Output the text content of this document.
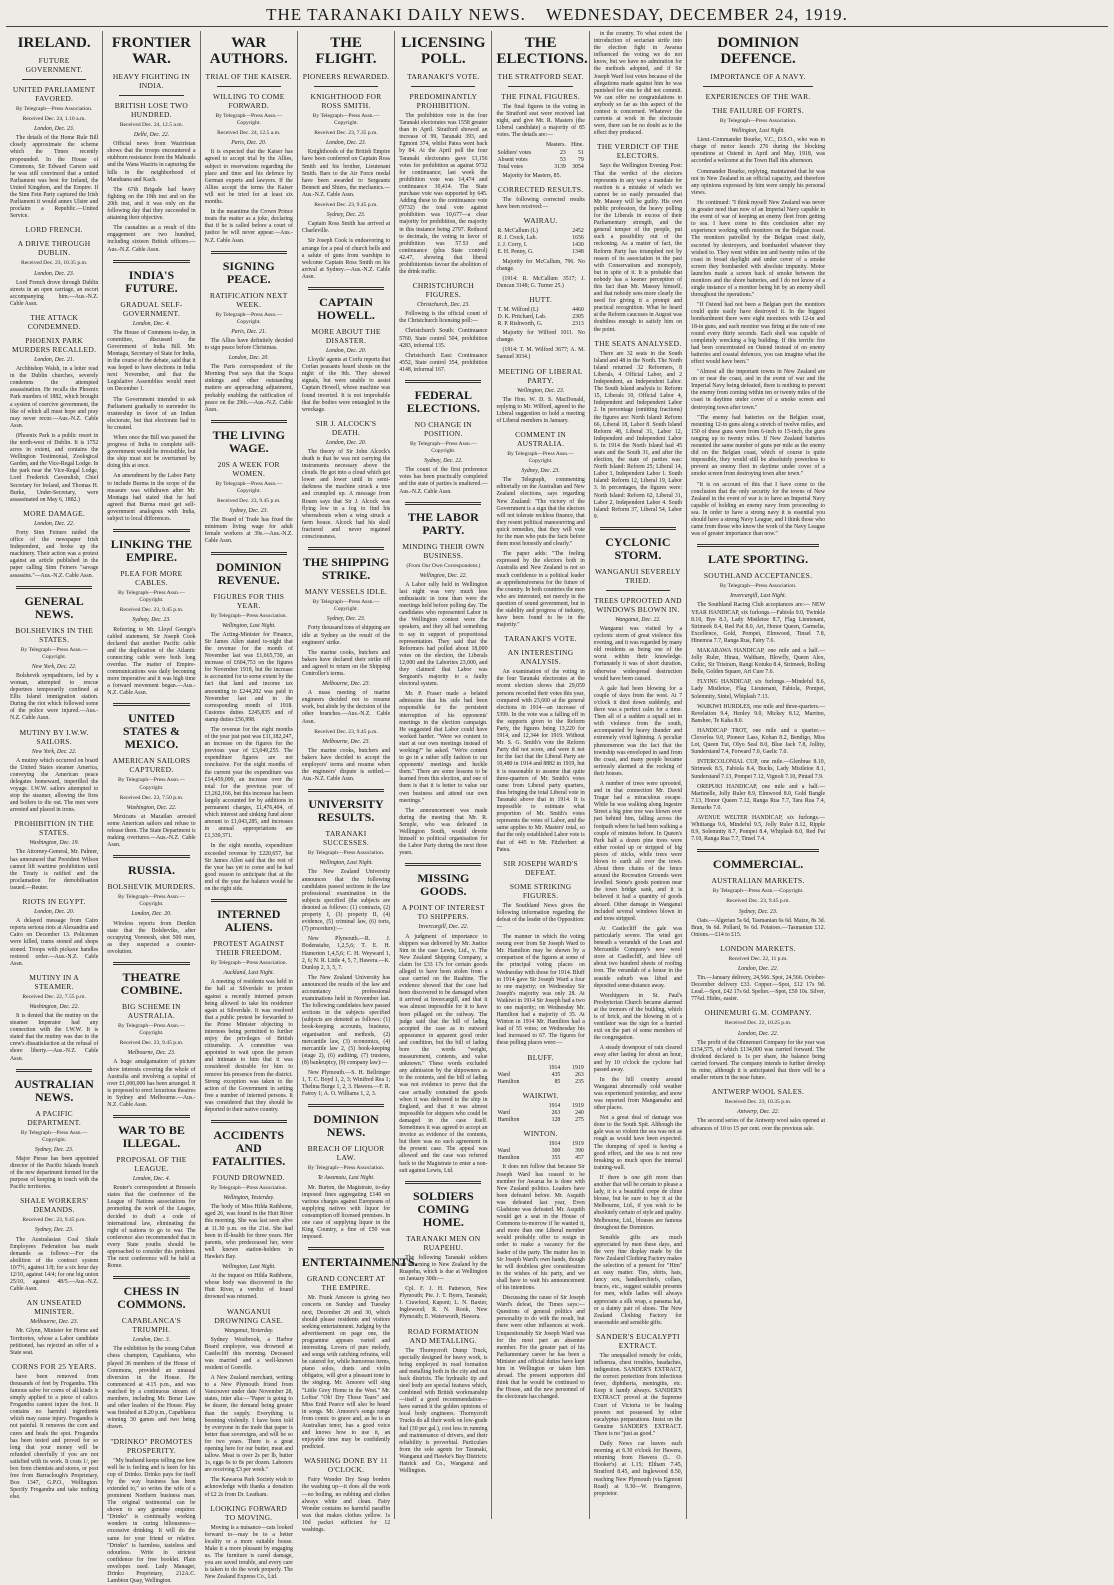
THE TARANAKI DAILY NEWS. WEDNESDAY, DECEMBER 24, 1919.
IRELAND.
FUTURE GOVERNMENT.
UNITED PARLIAMENT FAVORED.
By Telegraph—Press Association.
Received Dec. 24, 1.10 a.m.
London, Dec. 23.

The details of the Home Rule Bill closely approximate the scheme which the Times recently propounded. In the House of Commons, Sir Edward Carson said he was still convinced that a united Parliament was best for Ireland, the United Kingdom, and the Empire. If the Sinn Fein Party captured the Irish Parliament it would annex Ulster and proclaim a Republic.—United Service.

LORD FRENCH.
A DRIVE THROUGH DUBLIN.
Received Dec. 23, 10.35 p.m.
London, Dec. 23.

Lord French drove through Dublin streets in an open carriage, an escort accompanying him.—Aus.-N.Z. Cable Assn.

THE ATTACK CONDEMNED.
PHOENIX PARK MURDERS RECALLED.
London, Dec. 21.

Archbishop Walsh, in a letter read in the Dublin churches, severely condemns the attempted assassination. He recalls the Phoenix Park murders of 1882, which brought a system of coercive government, the like of which all must hope and pray may never recur.—Aus.-N.Z. Cable Assn.

(Phoenix Park is a public resort in the north-west of Dublin. It is 1752 acres in extent, and contains the Wellington Testimonial, Zoological Garden, and the Vice-Regal Lodge. In the park near the Vice-Regal Lodge, Lord Frederick Cavendish, Chief Secretary for Ireland, and Thomas H. Burke, Under-Secretary, were assassinated on May 6, 1882.)

MORE DAMAGE.
London, Dec. 22.

Forty Sinn Feiners raided the office of the newspaper Irish Independent, and broke up the machinery. Their action was a protest against an article published in the paper calling Sinn Feiners "savage assassins."—Aus.-N.Z. Cable Assn.

GENERAL NEWS.
BOLSHEVIKS IN THE STATES.
By Telegraph—Press Assn.—Copyright.
New York, Dec. 22.

Bolshevik sympathisers, led by a woman, attempted to rescue deportees temporarily confined at Ellis Island immigration station. During the riot which followed some of the police were injured.—Aus.-N.Z. Cable Assn.

MUTINY BY I.W.W. SAILORS.
New York, Dec. 22.

A mutiny which occurred on board the United States steamer America, conveying the American peace delegates homeward, imperilled the voyage. I.W.W. sailors attempted to stop the steamer, allowing the fires and boilers to die out. The men were arrested and placed in irons.

PROHIBITION IN THE STATES.
Washington, Dec. 19.

The Attorney-General, Mr. Palmer, has announced that President Wilson cannot lift wartime prohibition until the Treaty is ratified and the proclamation for demobilisation issued.—Reuter.

RIOTS IN EGYPT.
London, Dec. 20.

A delayed message from Cairo reports serious riots at Alexandria and Cairo on December 13. Policemen were killed, trams stoned and shops stoned. Troops with pickaxe handles restored order.—Aus.-N.Z. Cable Assn.

MUTINY IN A STEAMER.
Received Dec. 22, 7.55 p.m.
Washington, Dec. 22.

It is denied that the mutiny on the steamer Imperator had any connection with the I.W.W. It is stated that the mutiny was due to the crew's dissatisfaction at the refusal of shore liberty.—Aus.-N.Z. Cable Assn.

AUSTRALIAN NEWS.
A PACIFIC DEPARTMENT.
By Telegraph—Press Assn.—Copyright.
Sydney, Dec. 23.

Major Piesse has been appointed director of the Pacific Islands branch of the new department formed for the purpose of keeping in touch with the Pacific territories.

SHALE WORKERS' DEMANDS.
Received Dec. 23, 9.45 p.m.
Sydney, Dec. 23.

The Australasian Coal Shale Employees Federation has made demands as follows:—For the abolition of the contract system 10/7½, against 1/8; for a six hour day 12/10, against 14/4; for one big union 25/10, against 48/5.—Aus.-N.Z. Cable Assn.

AN UNSEATED MINISTER.
Melbourne, Dec. 23.

Mr. Glynn, Minister for Home and Territories, whose a Labor candidate petitioned, has rejected an offer of a State seat.

CORNS FOR 25 YEARS.

have been removed from thousands of feet by Frogandra. This famous salve for corns of all kinds is simply applied to a piece of calico. Frogandra cannot injure the foot. It contains no harmful ingredients which may cause injury. Frogandra is not painful. It removes the corn and cures and heals the spot. Frogandra has been tested and proved for so long that your money will be refunded cheerfully if you are not satisfied with its work. It costs 1/, per box from chemists and stores, or post free from Barraclough's Proprietary, Box 1347, G.P.O., Wellington. Specify Frogandra and take nothing else.

FRONTIER WAR.
HEAVY FIGHTING IN INDIA.
BRITISH LOSE TWO HUNDRED.
Received Dec. 24, 12.5 a.m.
Delhi, Dec. 22.

Official news from Waziristan shows that the troops encountered a stubborn resistance from the Mahsuds and the Wana Waziris in capturing the hills in the neighborhood of Manduana and Kach.

The 67th Brigade had heavy fighting on the 19th inst and on the 20th inst, and it was only on the following day that they succeeded in attaining their objective.

The casualties as a result of this engagement are two hundred, including sixteen British officers.—Aus.-N.Z. Cable Assn.

INDIA'S FUTURE.
GRADUAL SELF-GOVERNMENT.
London, Dec. 4.

The House of Commons to-day, in committee, discussed the Government of India Bill. Mr. Montagu, Secretary of State for India, in the course of the debate, said that it was hoped to have elections in India next November, and that the Legislative Assemblies would meet on December 1.

The Government intended to ask Parliament gradually to surrender its trusteeship in favor of an Indian electorate, but that electorate had to be created.

When once the Bill was passed the progress of India to complete self-government would be irresistible, but the ship must not be overturned by doing this at once.

An amendment by the Labor Party to include Burma in the scope of the measure was withdrawn after Mr. Montagu had stated that he had agreed that Burma must get self-government analogous with India, subject to local differences.

LINKING THE EMPIRE.
PLEA FOR MORE CABLES.
By Telegraph—Press Assn.—Copyright.
Received Dec. 23, 9.45 p.m.
Sydney, Dec. 23.

Referring to Mr. Lloyd George's cabled statement, Sir Joseph Cook declared that another Pacific cable and the duplication of the Atlantic connecting cable were both long overdue. The matter of Empire-communications was daily becoming more imperative and it was high time a forward movement began.—Aus.-N.Z. Cable Assn.

UNITED STATES & MEXICO.
AMERICAN SAILORS CAPTURED.
By Telegraph—Press Assn.—Copyright.
Received Dec. 23, 7.50 p.m.
Washington, Dec. 22.

Mexicans at Mazatlan arrested some American sailors and refuse to release them. The State Department is making overtures.—Aus.-N.Z. Cable Assn.

RUSSIA.
BOLSHEVIK MURDERS.
By Telegraph—Press Assn.—Copyright.
London, Dec. 20.

Wireless reports from Denikin state that the Bolsheviks, after occupying Voronesh, shot 500 men, as they suspected a counter-revolution.

THEATRE COMBINE.
BIG SCHEME IN AUSTRALIA.
By Telegraph—Press Assn.—Copyright.
Received Dec. 23, 9.45 p.m.
Melbourne, Dec. 23.

A huge amalgamation of picture show interests covering the whole of Australia and involving a capital of over £1,000,000 has been arranged. It is proposed to erect luxurious theatres in Sydney and Melbourne.—Aus.-N.Z. Cable Assn.

WAR TO BE ILLEGAL.
PROPOSAL OF THE LEAGUE.
London, Dec. 4.

Reuter's correspondent at Brussels states that the conference of the League of Nations associations for promoting the work of the League, decided to draft a code of international law, eliminating the right of nations to go to war. The conference also recommended that in every State youths should be approached to consider this problem. The next conference will be held at Rome.

CHESS IN COMMONS.
CAPABLANCA'S TRIUMPH.
London, Dec. 3.

The exhibition by the young Cuban chess champion, Capablanca, who played 36 members of the House of Commons, provided an unusual diversion in the House. He commenced at 4.15 p.m., and was watched by a continuous stream of members, including Mr. Bonar Law and other leaders of the House. Play was finished at 8.20 p.m., Capablanca winning 30 games and two being drawn.

"DRINKO" PROMOTES PROSPERITY.

"My husband keeps telling me how well he is feeling and is keen for his cup of Drinko. Drinko pays for itself by the way business has been extended to," so writes the wife of a prominent Northern business man. The original testimonial can be shown to any genuine enquirer. "Drinko" is continually working wonders in curing biliousness—excessive drinking. It will do the same for your friend or relative. "Drinko" is harmless, tasteless and odourless. Write in strictest confidence for free booklet. Plain envelopes used. Lady Manager, Drinko Proprietary, 212A.C. Lambton Quay, Wellington.

WAR AUTHORS.
TRIAL OF THE KAISER.
WILLING TO COME FORWARD.
By Telegraph—Press Assn.—Copyright.
Received Dec. 24, 12.5 a.m.
Paris, Dec. 20.

It is expected that the Kaiser has agreed to accept trial by the Allies, subject to reservations regarding the place and time and his defence by German experts and lawyers. If the Allies accept the terms the Kaiser will not be tried for at least six months.

In the meantime the Crown Prince treats the matter as a joke, declaring that if he is called before a court of justice he will never appear.—Aus.-N.Z. Cable Assn.

SIGNING PEACE.
RATIFICATION NEXT WEEK.
By Telegraph—Press Assn.—Copyright.
Paris, Dec. 21.

The Allies have definitely decided to sign peace before Christmas.

London, Dec. 20.

The Paris correspondent of the Morning Post says that the Scapa sinkings and other outstanding matters are approaching adjustment, probably enabling the ratification of peace on the 29th.—Aus.-N.Z. Cable Assn.

THE LIVING WAGE.
20S A WEEK FOR WOMEN.
By Telegraph—Press Assn.—Copyright.
Received Dec. 23, 9.45 p.m.
Sydney, Dec. 23.

The Board of Trade has fixed the minimum living wage for adult female workers at 39s.—Aus.-N.Z. Cable Assn.

DOMINION REVENUE.
FIGURES FOR THIS YEAR.
By Telegraph—Press Association.
Wellington, Last Night.

The Acting-Minister for Finance, Sir James Allen stated to-night that the revenue for the month of November last was £1,665,730, an increase of £604,753 on the figures for November 1918, but the increase is accounted for to some extent by the fact that land and income tax amounting to £244,202 was paid in November last and in the corresponding month of 1918. Customs duties £245,835 and of stamp duties £56,998.

The revenue for the eight months of the year just past was £11,182,247, an increase on the figures for the previous year of £3,049,255. The expenditure figures are not conclusive. For the eight months of the current year the expenditure was £14,459,099, an increase over the total for the previous year of £3,262,166, but this increase has been largely accounted for by additions in permanent charges, £1,476,404, of which interest and sinking fund alone amount to £1,043,285, and increases in annual appropriations are £1,339,371.

In the eight months, expenditure exceeded revenue by £220,657, but Sir James Allen said that the rest of the year has yet to come and he had good reason to anticipate that at the end of the year the balance would be on the right side.

INTERNED ALIENS.
PROTEST AGAINST THEIR FREEDOM.
By Telegraph—Press Association.
Auckland, Last Night.

A meeting of residents was held in the hall at Silverdale to protest against a recently interned person being allowed to take his residence again at Silverdale. It was resolved that a public protest be forwarded to the Prime Minister objecting to internees being permitted to further enjoy the privileges of British citizenship. A committee was appointed to wait upon the person and intimate to him that it was considered desirable for him to remove his presence from the district. Strong exception was taken to the action of the Government in setting free a number of interned persons. It was considered that they should be deported to their native country.

ACCIDENTS AND FATALITIES.
FOUND DROWNED.
By Telegraph—Press Association.
Wellington, Yesterday.

The body of Miss Hilda Rathbone, aged 26, was found in the Hutt River this morning. She was last seen alive at 11.30 p.m. on the 21st. She had been in ill-health for three years. Her parents, who predeceased her, were well known station-holders in Hawke's Bay.

Wellington, Last Night.

At the inquest on Hilda Rathbone, whose body was discovered in the Hutt River, a verdict of found drowned was returned.

WANGANUI DROWNING CASE.
Wanganui, Yesterday.

Sydney Westbrook, a Harbor Board employee, was drowned at Castlecliff this morning. Deceased was married and a well-known resident of Gonville.

A New Zealand merchant, writing to a New Plymouth friend from Vancouver under date November 28, states, inter alia:—"Paper is going to be dearer, the demand being greater than the supply. Everything is booming violently. I have been told by everyone in the trade that paper is better than sovereigns, and will be so for two years. There is a great opening here for our butter, meat and tallow. Meat is over 2s per lb, butter 1s, eggs 6s to 8s per dozen. Laborers are receiving £3 per week."

The Kawaroa Park Society wish to acknowledge with thanks a donation of £2 2s from Dr. Leatham.

LOOKING FORWARD TO MOVING.

Moving is a nuisance—cats looked forward to—may be to a better locality or a more suitable house. Make it a more pleasant by engaging us. The furniture is cared damage, you are saved trouble, and every care is taken to do the work properly. The New Zealand Express Co., Ltd.

THE FLIGHT.
PIONEERS REWARDED.
KNIGHTHOOD FOR ROSS SMITH.
By Telegraph—Press Assn.—Copyright.
Received Dec. 23, 7.35 p.m.
London, Dec. 23.

Knighthoods of the British Empire have been conferred on Captain Ross Smith and his brother, Lieutenant Smith. Bars to the Air Force medal have been awarded to Sergeants Bennett and Shiers, the mechanics.—Aus.-N.Z. Cable Assn.

Received Dec. 23, 9.45 p.m.
Sydney, Dec. 23.

Captain Ross Smith has arrived at Charleville.

Sir Joseph Cook is endeavoring to arrange for a peal of church bells and a salute of guns from warships to welcome Captain Ross Smith on his arrival at Sydney.—Aus.-N.Z. Cable Assn.

CAPTAIN HOWELL.
MORE ABOUT THE DISASTER.
London, Dec. 20.

Lloyds' agents at Corfu reports that Corfan peasants heard shouts on the night of the 9th. They showed signals, but were unable to assist Captain Howell, whose machine was found inverted. It is not improbable that the bodies were entangled in the wreckage.

SIR J. ALCOCK'S DEATH.
London, Dec. 20.

The theory of Sir John Alcock's death is that he was not carrying the instruments necessary above the clouds. He got into a cloud which got lower and lower until in semi-darkness the machine struck a tree and crumpled up. A message from Rouen says that Sir J. Alcock was flying low in a fog to find his whereabouts when a wing struck a farm house. Alcock had his skull fractured and never regained consciousness.

THE SHIPPING STRIKE.
MANY VESSELS IDLE.
By Telegraph—Press Assn.—Copyright.
Sydney, Dec. 23.

Forty thousand tons of shipping are idle at Sydney as the result of the engineers' strike.

The marine cooks, butchers and bakers have declared their strike off and agreed to return on the Shipping Controller's terms.

Melbourne, Dec. 23.

A mass meeting of marine engineers decided not to resume work, but abide by the decision of the other branches.—Aus.-N.Z. Cable Assn.

Received Dec. 23, 9.45 p.m.
Melbourne, Dec. 23.

The marine cooks, butchers and bakers have decided to accept the employers' terms and resume when the engineers' dispute is settled.—Aus.-N.Z. Cable Assn.

UNIVERSITY RESULTS.
TARANAKI SUCCESSES.
By Telegraph—Press Association.
Wellington, Last Night.

The New Zealand University announces that the following candidates passed sections in the law professional examination in the subjects specified (the subjects are denoted as follows: (1) contracts, (2) property I, (3) property II, (4) evidence, (5) criminal law, (6) torts, (7) procedure):—

New Plymouth.—R. J. Bodenstabe, 1,2,5,6; T. E. H. Hamerton 1,4,5,6; C. H. Weyward 1, 2, 6; N. R. Little 4, 5, 7, Hawera.—K. Dunlop 2, 3, 5, 7.

The New Zealand University has announced the results of the law and accountancy professional examinations held in November last. The following candidates have passed sections in the subjects specified (subjects are denoted as follows: (1) book-keeping accounts, business, organisation and methods, (2) mercantile law, (3) economics, (4) mercantile law 2, (5) book-keeping (stage 2), (6) auditing, (7) trustees, (8) bankruptcy, (9) company law):—

New Plymouth.—S. H. Bellringer 1, T. C. Boyd 1, 2, 3; Winifred Rea 1; Thelma Burge 1, 2, 3. Hawera.—F. R. Fairey 1; A. O. Williams 1, 2, 3.

DOMINION NEWS.
BREACH OF LIQUOR LAW.
By Telegraph—Press Association.
Te Awamutu, Last Night.

Mr. Burton, the Magistrate, to-day imposed fines aggregating £140 on various charges against Europeans of supplying natives with liquor for consumption off licensed premises. In one case of supplying liquor in the King Country, a fine of £50 was imposed.

ENTERTAINMENTS.
GRAND CONCERT AT THE EMPIRE.

Mr. Frank Amoore is giving two concerts on Sunday and Tuesday next, December 28 and 30, which should please residents and visitors seeking entertainment. Judging by the advertisement on page one, the programme appears varied and interesting. Lovers of pure melody, and songs with catching refrains, will be catered for, while humorous items, piano solos, duets and violin obligatos, will give a pleasant tone to the singing. Mr. Amoore will sing "Little Grey Home in the West." Mr. Loftus' "Oh! Dry Those Tears" and Miss Enid Pearce will also be heard in songs. Mr. Amoore's songs range from comic to grave and, as he is an Australian tenor, has a good voice and knows how to use it, an enjoyable time may be confidently predicted.

WASHING DONE BY 11 O'CLOCK.

Fairy Wonder Dry Soap borders the washing up—it does all the work—no boiling, no rubbing and clothes always white and clean. Fairy Wonder contains no harmful paraffin wax that makes clothes yellow. 1s 10d packet sufficient for 12 washings.

LICENSING POLL.
TARANAKI'S VOTE.
PREDOMINANTLY PROHIBITION.

The prohibition vote in the four Taranaki electorates was 1558 greater than in April. Stratford showed an increase of 99, Taranaki 393, and Egmont 374, whilst Patea went back by 84. At the April poll the four Taranaki electorates gave 13,156 votes for prohibition as against 9732 for continuance; last week the prohibition vote was 14,474 and continuance 10,414. The State purchase vote was supported by 645. Adding these to the continuance vote (9732) the total vote against prohibition was 10,677—a clear majority for prohibition, the majority in this instance being 2797. Reduced to decimals, the voting in favor of prohibition was 57.53 and continuance (plus State control) 42.47, showing that liberal prohibitionists favour the abolition of the drink traffic.

CHRISTCHURCH FIGURES.
Christchurch, Dec. 23.

Following is the official count of the Christchurch licensing poll:—

Christchurch South: Continuance 5760, State control 504, prohibition 4283, informal 135.

Christchurch East: Continuance 4552, State control 354, prohibition 4148, informal 167.

FEDERAL ELECTIONS.
NO CHANGE IN POSITION.
By Telegraph—Press Assn.—Copyright.
Sydney, Dec. 22.

The count of the first preference votes has been practically completed and the state of parties is unaltered.—Aus.-N.Z. Cable Assn.

THE LABOR PARTY.
MINDING THEIR OWN BUSINESS.
(From Our Own Correspondent.)
Wellington, Dec. 22.

A Labor rally held in Wellington last night was very much less enthusiastic in tone than were the meetings held before polling day. The candidates who represented Labor in the Wellington contest were the speakers, and they all had something to say in support of proportional representation. They said that the Reformers had polled about 18,000 votes on the election, the Liberals 12,000 and the Laborites 23,000, and they claimed that Labor was Sergeant's majority to a faulty electoral system.

Mr. P. Fraser made a belated admission that his side had been responsible for the persistent interruption of his opponents' meetings in the election campaign. He suggested that Labor could have worked harder. "Were we content to start at our own meetings instead of working?" he asked. "We're content to go in a rather silly fashion to our opponents' meetings and heckle them." There are some lessons to be learned from this election, and one of them is that it is better to value our own business and attend our own meetings."

The announcement was made during the meeting that Mr. R. Semple, who was defeated in Wellington South, would devote himself to political organisation for the Labor Party during the next three years.

MISSING GOODS.
A POINT OF INTEREST TO SHIPPERS.
Invercargill, Dec. 22.

A judgment of importance to shippers was delivered by Mr. Justice Sim in the case Lewis, Ltd., v. The New Zealand Shipping Company, a claim for £33 17s for certain goods alleged to have been stolen from a case carried on the Ruahine. The evidence showed that the case had been discovered to be damaged when it arrived at Invercargill, and that it was almost impossible for it to have been pillaged on the railway. The judge said that the bill of lading accepted the case as in outward appearance in apparent good order and condition, but the bill of lading bore the words "weight, measurement, contents, and value unknown." These words excluded any admission by the shipowners as to the contents, and the bill of lading was not evidence to prove that the case actually contained the goods when it was delivered to the ship in England, and that it was almost impossible for shippers who could be damaged in the case itself. Sometimes it was agreed to accept an invoice as evidence of the contents, but there was no such agreement in the present case. The appeal was allowed and the case was referred back to the Magistrate to enter a non-suit against Lewis, Ltd.

SOLDIERS COMING HOME.
TARANAKI MEN ON RUAPEHU.

The following Taranaki soldiers are returning to New Zealand by the Ruapehu, which is due at Wellington on January 30th:—

Cpl. F. J. H. Patterson, New Plymouth; Pte. J. T. Byers, Taranaki; J. Crawford, Kaponi; L. N. Baxter, Inglewood; R. N. Rook, New Plymouth; E. Waterworth, Hawera.

ROAD FORMATION AND METALLING.

The Thornycroft Dump Truck, specially designed for heavy work, is being employed in road formation and metalling both in the city and out back districts. The hydraulic tip and steel body are special features which, combined with British workmanship—itself a good recommendation—have earned it the golden opinions of local body engineers. Thornycroft Trucks do all their work on low-grade fuel (30 per gal.), cost less in running and maintenance of drivers, and their reliability is proverbial. Particulars from the sole agents for Taranaki, Wanganui and Hawke's Bay Districts: Hatrick and Co., Wanganui and Wellington.

THE ELECTIONS.
THE STRATFORD SEAT.
THE FINAL FIGURES.

The final figures in the voting in the Stratford seat were received last night, and give Mr. R. Masters (the Liberal candidate) a majority of 85 votes. The details are:—

	Masters.	Hine.
Soldiers' votes	23	51
Absent votes	53	79
Total votes	3139	3054

Majority for Masters, 85.

CORRECTED RESULTS.

The following corrected results have been received:—

WAIRAU.

R. McCallum (L)	2452
R. J. Crock, Lab.	1656
J. J. Corry, I.	1430
E. H. Penny, G.	1348

Majority for McCallum, 796. No change.

(1914: R. McCallum 3517; J. Duncan 3148; G. Turner 25.)

HUTT.

T. M. Wilford (L)	4460
D. K. Pritchard, Lab.	2305
R. P. Rishworth, G.	2313

Majority for Wilford 1011. No change.

(1914: T. M. Wilford 3677; A. M. Samuel 3034.)

MEETING OF LIBERAL PARTY.
Wellington, Dec. 23.

The Hon. W. D. S. MacDonald, replying to Mr. Wilford, agreed to the Liberal suggestion to hold a meeting of Liberal members in January.

COMMENT IN AUSTRALIA.
By Telegraph—Press Assn.—Copyright.
Sydney, Dec. 23.

The Telegraph, commenting editorially on the Australian and New Zealand elections, says regarding New Zealand: "The victory of the Government is a sign that the electors will not tolerate reckless finance, that they resent political manoeuvring and quick remedies, that they will vote for the man who puts the facts before them most honestly and clearly."

The paper adds: "The feeling expressed by the electors both in Australia and New Zealand is not so much confidence in a political leader as apprehensiveness for the future of the country. In both countries the men who are interested, not merely in the question of sound government, but in the stability and progress of industry, have been found to be in the majority."

TARANAKI'S VOTE.
AN INTERESTING ANALYSIS.

An examination of the voting in the four Taranaki electorates at the recent election shows that 29,059 persons recorded their votes this year, compared with 23,660 at the general elections in 1914—an increase of 5399. In the vote was a falling off in the supports given to the Reform Party, the figures being 13,220 for 1914, and 12,344 for 1919. Without Mr. S. G. Smith's vote the Reform Party did not score, and were it not for the fact that the Liberal Party ate 10,480 in 1914 and 8882 in 1919, but it is reasonable to assume that quite three-quarters of Mr. Smith's votes came from Liberal party quarters, thus bringing the total Liberal vote in Taranaki above that in 1914. It is impossible to estimate what proportion of Mr. Smith's votes represents the votes of Labor, and the same applies to Mr. Masters' total, so that the only established Labor vote is that of 445 to Mr. Fitzherbert at Patea.

SIR JOSEPH WARD'S DEFEAT.
SOME STRIKING FIGURES.

The Southland News gives the following information regarding the defeat of the leader of the Opposition:—

The manner in which the voting swung over from Sir Joseph Ward to Mr. Hamilton may be shown by a comparison of the figures at some of the principal voting places on Wednesday with those for 1914. Bluff in 1914 gave Sir Joseph Ward a four to one majority; on Wednesday Sir Joseph's majority was only 28. At Waikiwi in 1914 Sir Joseph had a two to one majority; on Wednesday Mr. Hamilton had a majority of 35. At Winton in 1914 Mr. Hamilton had a lead of 55 votes; on Wednesday his lead increased to 67. The figures for these polling places were:—

BLUFF.
	1914	1919
Ward	435	263
Hamilton	85	235
WAIKIWI.
	1914	1919
Ward	263	240
Hamilton	128	275
WINTON.
	1914	1919
Ward	300	390
Hamilton	355	457

It does not follow that because Sir Joseph Ward has ceased to be member for Awarua he is done with New Zealand politics. Leaders have been defeated before. Mr. Asquith was defeated last year, Even Gladstone was defeated. Mr. Asquith would get a seat in the House of Commons to-morrow if he wanted it, and more than one Liberal member would probably offer to resign in order to make a vacancy for the leader of the party. The matter lies in Sir Joseph Ward's own hands, though he will doubtless give consideration to the wishes of his party, and we shall have to wait his announcement of his intentions.

Discussing the cause of Sir Joseph Ward's defeat, the Times says:—Questions of general politics and personality to do with the result, but there were other influences at work. Unquestionably Sir Joseph Ward was for the most part an absentee member. For the greater part of his Parliamentary career he has been a Minister and official duties have kept him in Wellington or taken him abroad. The present supporters did think that he would be continued to the House, and the new personnel of the electorate has changed.

in the country. To what extent the introduction of sectarian strife into the election fight in Awarua influenced the voting we do not know, but we have no admiration for the methods adopted, and if Sir Joseph Ward lost votes because of the allegations made against him he was punished for sins he did not commit. We can offer no congratulations to anybody so far as this aspect of the contest is concerned. Whatever the currents at work in the electorate were, there can be no doubt as to the effect they produced.

THE VERDICT OF THE ELECTORS.

Says the Wellington Evening Post: That the verdict of the electors represents in any way a mandate for reaction is a mistake of which we cannot be so easily persuaded that Mr. Massey will be guilty. His own public profession, the heavy polling for the Liberals in excess of their Parliamentary strength, and the general temper of the people, put such a possibility out of the reckoning. As a matter of fact, the Reform Party has triumphed not by reason of its association in the past with Conservatism and monopoly, but in spite of it. It is probable that nobody has a keener perception of this fact than Mr. Massey himself, and that nobody sees more clearly the need for giving it a prompt and practical recognition. What he heard at the Reform caucuses in August was doubtless enough to satisfy him on the point.

THE SEATS ANALYSED.

There are 32 seats in the South Island and 48 in the North. The North Island returned 32 Reformers, 8 Liberals, 4 Official Labor, and 2 Independent, an Independent Labor. The South Island analysis is: Reform 15, Liberals 10, Official Labor 4, Independent and Independent Labor 2. In percentage (omitting fractions) the figures are: North Island: Reform 66, Liberal 18, Labor 8. South Island Reform 48, Liberal 31, Labor 12, Independent and Independent Labor 6. In 1914 the North Island had 45 seats and the South 31, and after the election, the state of parties was: North Island: Reform 25; Liberal 14, Labor 1, Independent Labor 1. South Island: Reform 12, Liberal 19, Labor 3. In percentages, the figures were: North Island: Reform 62, Liberal 31, Labor 2, Independent Labor 4. South Island: Reform 37, Liberal 54, Labor 9.

CYCLONIC STORM.
WANGANUI SEVERELY TRIED.
TREES UPROOTED AND WINDOWS BLOWN IN.
Wanganui, Dec. 22.

Wanganui was visited by a cyclonic storm of great violence this evening, and it was regarded by many old residents as being one of the worst within their knowledge. Fortunately it was of short duration, otherwise widespread destruction would have been caused.

A gale had been blowing for a couple of days from the west. At 7 o'clock it died down suddenly, and there was a perfect calm for a time. Then all of a sudden a squall set in with violence from the south, accompanied by heavy thunder and extremely vivid lightning. A peculiar phenomenon was the fact that the township was enveloped in sand from the coast, and many people became seriously alarmed at the rocking of their houses.

A number of trees were uprooted, and in that connection Mr. David Tragar had a miraculous escape. While he was walking along Ingestre Street a big pine tree was blown over just behind him, falling across the footpath where he had been walking a couple of minutes before. In Queen's Park half a dozen pine trees were either rooted up or stripped of big pieces of sticks, while trees were blown to earth all over the town. About three chains of the fence around the Recreation Grounds were levelled. Some's goods pontoon near the town bridge sank, and it is believed it had a quantity of goods aboard. Other damage in Wanganui included several windows blown in and trees stripped.

At Castlecliff the gale was particularly severe. The wind got beneath a verandah of the Loan and Mercantile Company's new wool store at Castlecliff, and blew off about two hundred sheets of roofing iron. The verandah of a house in the seaside suburb was lifted and deposited some distance away.

Worshippers in St. Paul's Presbyterian Church became alarmed at the tremors of the building, which is of brick, and the blowing in of a ventilator was the sign for a hurried exit on the part of some members of the congregation.

A steady downpour of rain cleared away after lasting for about an hour, and by 10 o'clock the cyclone had passed away.

In the hill country around Wanganui abnormally cold weather was experienced yesterday, and snow was reported from Mangamahu and other places.

Not a great deal of damage was done to the South Spit. Although the gale was so violent the sea was not as rough as would have been expected. The dumping of spoil is having a good effect, and the sea is not now breaking so much upon the internal training-wall.

If there is one gift more than another that will be certain to please a lady, it is a beautiful crepe de chine blouse, but be sure to buy it at the Melbourne, Ltd., if you wish to be absolutely certain of style and quality. Melbourne, Ltd., blouses are famous throughout the Dominion.

Sensible gifts are much appreciated by men these days, and the very fine display made by the New Zealand Clothing Factory makes the selection of a present for "Him" an easy matter. Ties, shirts, hats, fancy sox, handkerchiefs, collars, braces, etc., suggest suitable presents for men, while ladies will always appreciate a silk wrap, a panama hat, or a dainty pair of shoes. The New Zealand Clothing Factory for seasonable and sensible gifts.

SANDER'S EUCALYPTI EXTRACT.

The unequalled remedy for colds, influenza, chest troubles, headaches, indigestion. SANDER'S EXTRACT, the correct protection from infectious fever, diphtheria, meningitis, etc. Keep it handy always. SANDER'S EXTRACT proved at the Supreme Court of Victoria to be healing powers not possessed by other eucalyptus preparations. Insist on the Genuine SANDER'S EXTRACT. There is no "just as good."

Daily News car leaves each morning at 6.30 o'clock for Hawera, returning from Hawera (L. O. Hooker's) at 1.15; Eltham 7.45, Stratford 8.45, and Inglewood 8.50, reaching New Plymouth (via Egmont Road) at 9.30—W. Bransgrove, proprietor.

DOMINION DEFENCE.
IMPORTANCE OF A NAVY.
EXPERIENCES OF THE WAR.
THE FAILURE OF FORTS.
By Telegraph—Press Association.
Wellington, Last Night.

Lieut.-Commander Bourke, V.C., D.S.O., who was in charge of motor launch 276 during the blocking operations at Ostend in April and May, 1918, was accorded a welcome at the Town Hall this afternoon.

Commander Bourke, replying, maintained that he was not in New Zealand in an official capacity, and therefore any opinions expressed by him were simply his personal views.

He continued: "I think myself New Zealand was never in greater need than now of an Imperial Navy capable in the event of war of keeping an enemy fleet from getting to sea. I have come to this conclusion after my experience working with monitors on the Belgian coast. The monitors patrolled by the Belgian coast daily, escorted by destroyers, and bombarded whatever they wished to. They went within ten and twenty miles of the coast in broad daylight and under cover of a smoke screen they bombarded with absolute impunity. Motor launches made a screen back of smoke between the monitors and the shore batteries, and I do not know of a single instance of a monitor being hit by an enemy shell throughout the operations."

"If Ostend had not been a Belgian port the monitors could quite easily have destroyed it. In the biggest bombardment there were eight monitors with 12-in and 18-in guns, and each monitor was firing at the rate of one round every thirty seconds. Each shell was capable of completely wrecking a big building. If this terrific fire had been concentrated on Ostend instead of on enemy batteries and coastal defences, you can imagine what the effect would have been."

"Almost all the important towns in New Zealand are on or near the coast, and in the event of war and the Imperial Navy being defeated, there is nothing to prevent the enemy from coming within ten or twenty miles of the coast in daytime under cover of a smoke screen and destroying town after town."

"The enemy had batteries on the Belgian coast, mounting 12-in guns along a stretch of twelve miles, and 150 of these guns were from 6-inch to 15-inch, the guns ranging up to twenty miles. If New Zealand batteries mounted the same number of guns per mile as the enemy did on the Belgian coast, which of course is quite impossible, they would still be absolutely powerless to prevent an enemy fleet in daytime under cover of a smoke screen from destroying town after town."

"It is on account of this that I have come to the conclusion that the only security for the towns of New Zealand in the event of war is to have an Imperial Navy capable of holding an enemy navy from proceeding to sea. In order to have a strong navy it is essential you should have a strong Navy League, and I think those who came from those who know the work of the Navy League was of greater importance than now."

LATE SPORTING.
SOUTHLAND ACCEPTANCES.
By Telegraph—Press Association.
Invercargill, Last Night.

The Southland Racing Club acceptances are:— NEW YEAR HANDICAP, six furlongs.—Fabiola 9.0, Twinkle 8.10, Bye 8.3, Lady Mistletoe 8.7, Flag Lieutenant, Sirimeek 8.4, Red Pat 8.0, Art, Honor Queen, Carmelia, Excellence, Gold, Pompei, Elmwood, Tinsel 7.8, Hinemoa 7.7, Ranga Rua, Fairy 7.6.

MAKARAWA HANDICAP, one mile and a half.—Jolly Ruler, Hinau, Waltham, Blowfly, Queen Alex, Celtic, Sir Tristram, Rangi Kotuku 8.4, Sirimeek, Rolling Belle, Golden Square, Art Cure 7.6.

FLYING HANDICAP, six furlongs.—Mindeful 8.6, Lady Mistletoe, Flag Lieutenant, Fabiola, Pompei, Solemnity, Sintel, Whiplash 7.13.

WAIKIWI HURDLES, one mile and three-quarters.—Revelation 9.4, Henley 9.0, Mickey 8.12, Marrino, Banshee, Te Kaha 8.0.

HANDICAP TROT, one mile and a quarter.—Cloverlea 9.0, Pioneer Lass, Kohan 8.2, Bendigo, Miss Lot, Queen Tui, Olyo Seal 8.0, Blue Jack 7.8, Jollity, Sunderstand 7.4, Forward 7.0, Gaelic 7.0.

INTERCOLONIAL CUP, one mile.—Glenbrae 8.10, Sirimeek 8.5, Fabiola 8.4, Bucks, Lady Mistletoe 8.1, Sunderstand 7.13, Pompei 7.12, Vignoli 7.10, Pintail 7.9.

OREPUKI HANDICAP, one mile and a half.—Martinelle, Jolly Ruler 8.9, Elmwood 8.0, Gold Bangle 7.13, Honor Queen 7.12, Ranga Rua 7.7, Tara Rua 7.4, Remarks 7.0.

AVENUE WELTER HANDICAP, six furlongs.—Whitianga 9.6, Mindeful 9.5, Jolly Ruler 8.12, Ripple 8.9, Solemnity 8.7, Pompei 8.4, Whiplash 8.0, Red Pat 7.10, Ranga Rua 7.7, Tinsel 7.4.

COMMERCIAL.
AUSTRALIAN MARKETS.
By Telegraph—Press Assn.—Copyright.
Received Dec. 23, 9.45 p.m.
Sydney, Dec. 23.

Oats.—Algerian 5s 6d, Tasmanian 6s 6d. Maize, 8s 3d. Bran, 9s 6d. Pollard, 9s 6d. Potatoes.—Tasmanian £12. Onions.—£14 to £15.

LONDON MARKETS.
Received Dec. 22, 11 p.m.
London, Dec. 22.

Tin.—January delivery, 24,566. Spot, 24,566. October-December delivery £33. Copper.—Spot, £12 17s 9d. Lead.—Spot, £42 17s 6d. Spelter.—Spot, £59 10s. Silver, 77¾d. Hides, easier.

OHINEMURI G.M. COMPANY.
Received Dec. 22, 10.25 p.m.
London, Dec. 22.

The profit of the Ohinemuri Company for the year was £154,575, of which £134,000 was carried forward. The dividend declared is 1s per share, the balance being carried forward. The company intends to further develop its mine, although it is anticipated that there will be a smaller return in the near future.

ANTWERP WOOL SALES.
Received Dec. 23, 10.35 p.m.
Antwerp, Dec. 22.

The second series of the Antwerp wool sales opened at advances of 10 to 15 per cent. over the previous sale.
